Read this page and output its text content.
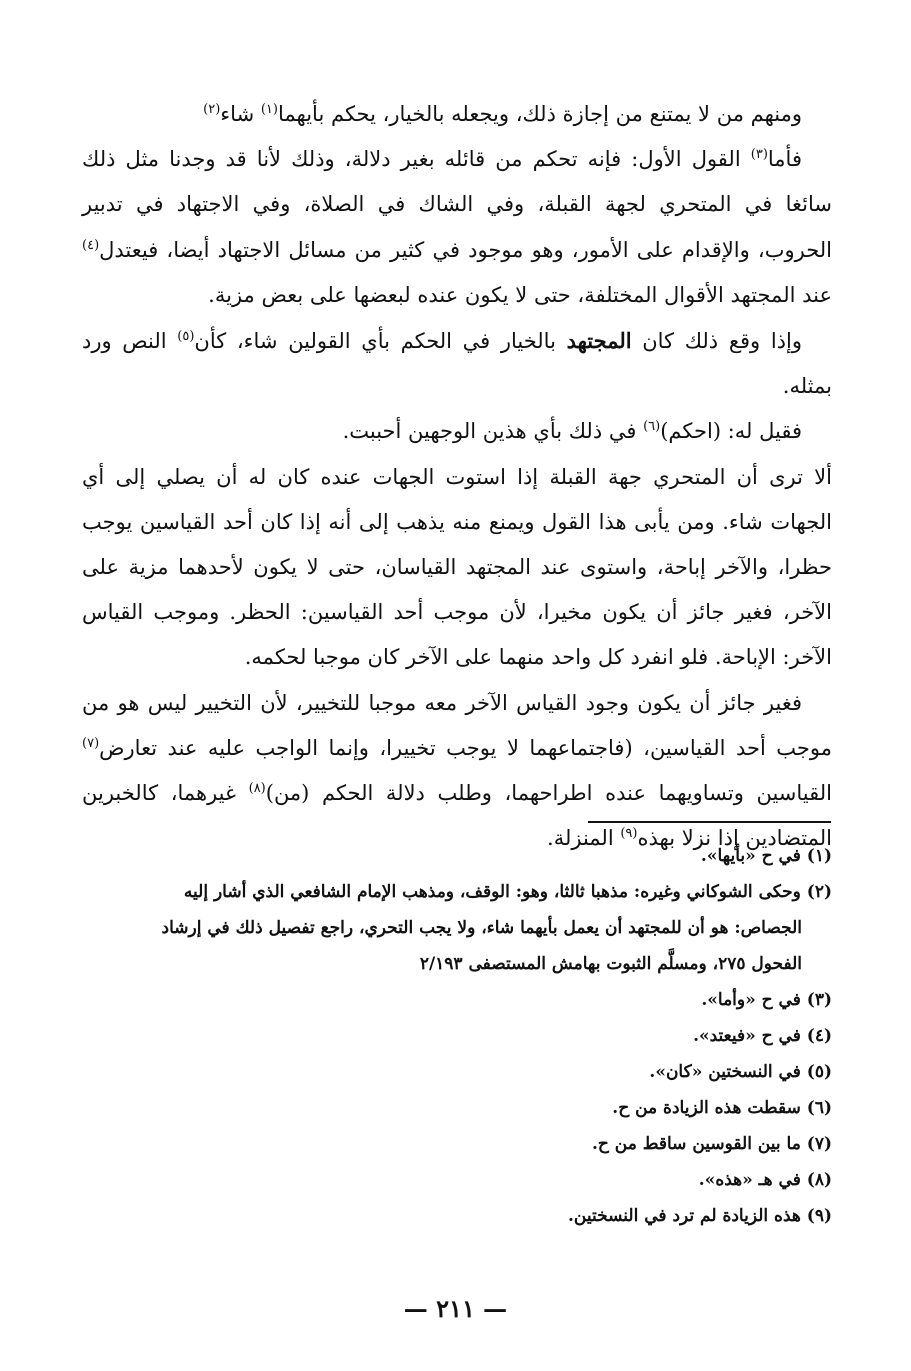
ومنهم من لا يمتنع من إجازة ذلك، ويجعله بالخيار، يحكم بأيهما$^{(١)}$ شاء$^{(٢)}$

فأما$^{(٣)}$ القول الأول: فإنه تحكم من قائله بغير دلالة، وذلك لأنا قد وجدنا مثل ذلك سائغا في المتحري لجهة القبلة، وفي الشاك في الصلاة، وفي الاجتهاد في تدبير الحروب، والإقدام على الأمور، وهو موجود في كثير من مسائل الاجتهاد أيضا، فيعتدل$^{(٤)}$ عند المجتهد الأقوال المختلفة، حتى لا يكون عنده لبعضها على بعض مزية.

وإذا وقع ذلك كان المجتهد بالخيار في الحكم بأي القولين شاء، كأن$^{(٥)}$ النص ورد بمثله.

فقيل له: (احكم)$^{(٦)}$ في ذلك بأي هذين الوجهين أحببت.

ألا ترى أن المتحري جهة القبلة إذا استوت الجهات عنده كان له أن يصلي إلى أي الجهات شاء. ومن يأبى هذا القول ويمنع منه يذهب إلى أنه إذا كان أحد القياسين يوجب حظرا، والآخر إباحة، واستوى عند المجتهد القياسان، حتى لا يكون لأحدهما مزية على الآخر، فغير جائز أن يكون مخيرا، لأن موجب أحد القياسين: الحظر. وموجب القياس الآخر: الإباحة. فلو انفرد كل واحد منهما على الآخر كان موجبا لحكمه.

فغير جائز أن يكون وجود القياس الآخر معه موجبا للتخيير، لأن التخيير ليس هو من موجب أحد القياسين، (فاجتماعهما لا يوجب تخييرا، وإنما الواجب عليه عند تعارض$^{(٧)}$ القياسين وتساويهما عنده اطراحهما، وطلب دلالة الحكم (من)$^{(٨)}$ غيرهما، كالخبرين المتضادين إذا نزلا بهذه$^{(٩)}$ المنزلة.

(١) في ح «بأيها».
(٢) وحكى الشوكاني وغيره: مذهبا ثالثا، وهو: الوقف، ومذهب الإمام الشافعي الذي أشار إليه
الجصاص: هو أن للمجتهد أن يعمل بأيهما شاء، ولا يجب التحري، راجع تفصيل ذلك في إرشاد
الفحول ٢٧٥، ومسلَّم الثبوت بهامش المستصفى ٢/١٩٣
(٣) في ح «وأما».
(٤) في ح «فيعتد».
(٥) في النسختين «كان».
(٦) سقطت هذه الزيادة من ح.
(٧) ما بين القوسين ساقط من ح.
(٨) في هـ «هذه».
(٩) هذه الزيادة لم ترد في النسختين.
— ٢١١ —
